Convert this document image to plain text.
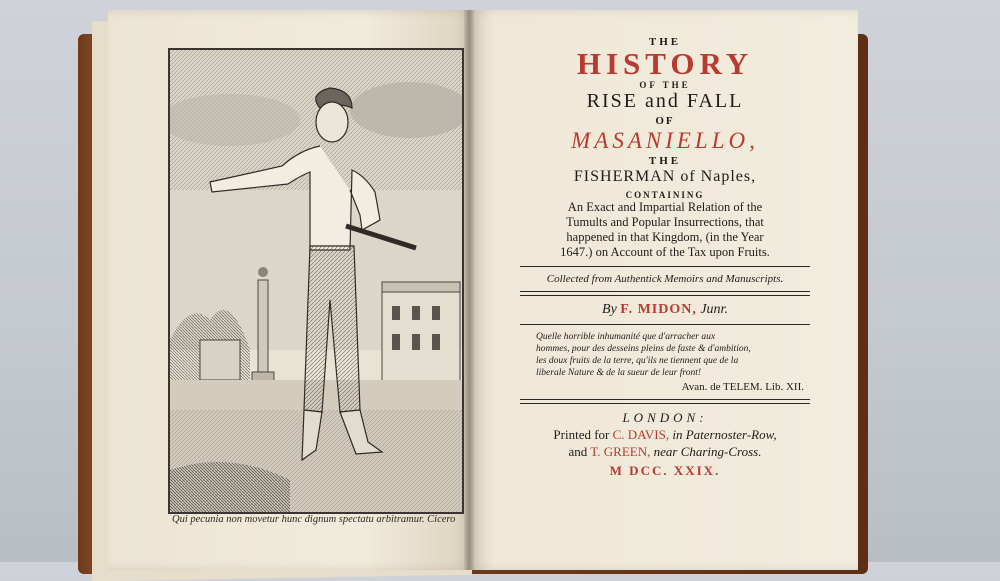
Qui pecunia non movetur hunc dignum spectatu arbitramur. Cicero
THE
HISTORY
OF THE
RISE and FALL
OF
MASANIELLO,
THE
FISHERMAN of Naples,
CONTAINING
An Exact and Impartial Relation of the
Tumults and Popular Insurrections, that
happened in that Kingdom, (in the Year
1647.) on Account of the Tax upon Fruits.
Collected from Authentick Memoirs and Manuscripts.
By F. MIDON, Junr.
Quelle horrible inhumanité que d'arracher aux
hommes, pour des desseins pleins de faste & d'ambition,
les doux fruits de la terre, qu'ils ne tiennent que de la
liberale Nature & de la sueur de leur front!
Avan. de TELEM. Lib. XII.
LONDON:
Printed for C. DAVIS, in Paternoster-Row,
and T. GREEN, near Charing-Cross.
M DCC. XXIX.
